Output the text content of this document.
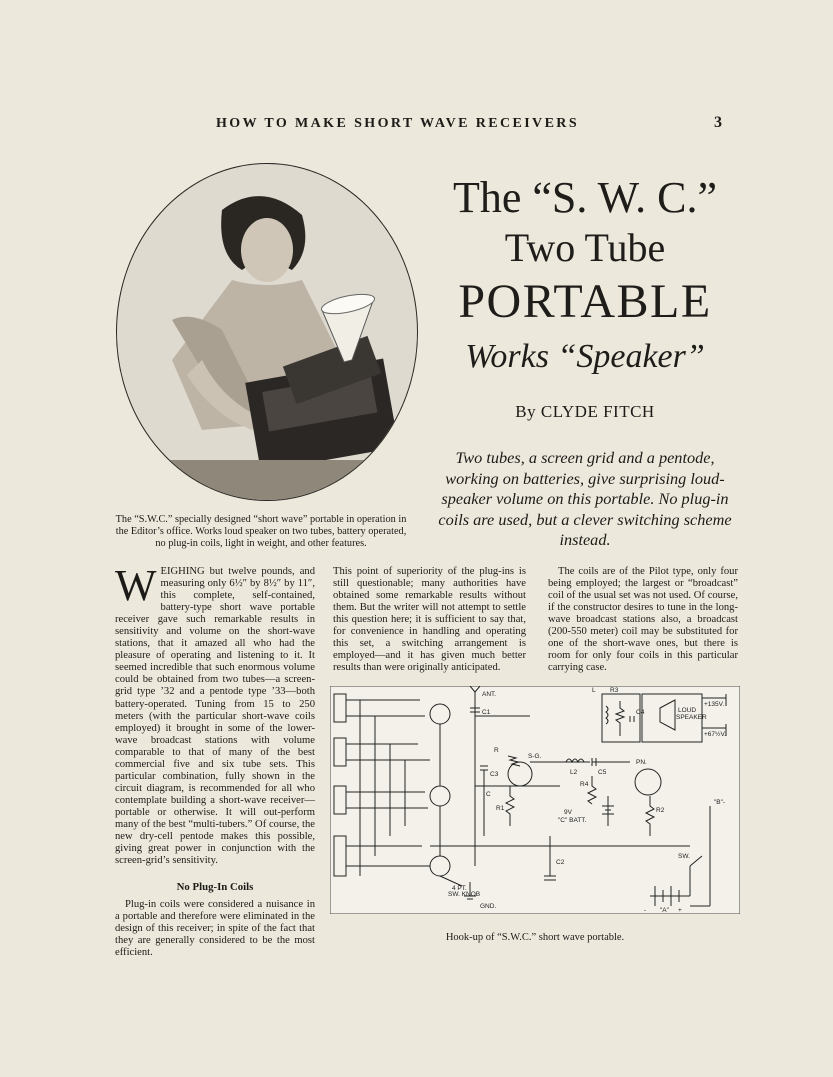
HOW TO MAKE SHORT WAVE RECEIVERS	3
The “S. W. C.”
Two Tube
PORTABLE
Works “Speaker”
By CLYDE FITCH
Two tubes, a screen grid and a pentode, working on batteries, give surprising loud-speaker volume on this portable. No plug-in coils are used, but a clever switching scheme instead.
The “S.W.C.” specially designed “short wave” portable in operation in the Editor’s office. Works loud speaker on two tubes, battery operated, no plug-in coils, light in weight, and other features.

WEIGHING but twelve pounds, and measuring only 6½″ by 8½″ by 11″, this complete, self-contained, battery-type short wave portable receiver gave such remarkable results in sensitivity and volume on the short-wave stations, that it amazed all who had the pleasure of operating and listening to it. It seemed incredible that such enormous volume could be obtained from two tubes—a screen-grid type ’32 and a pentode type ’33—both battery-operated. Tuning from 15 to 250 meters (with the particular short-wave coils employed) it brought in some of the lower-wave broadcast stations with volume comparable to that of many of the best commercial five and six tube sets. This particular combination, fully shown in the circuit diagram, is recommended for all who contemplate building a short-wave receiver—portable or otherwise. It will out-perform many of the best “multi-tubers.” Of course, the new dry-cell pentode makes this possible, giving great power in conjunction with the screen-grid’s sensitivity.

No Plug-In Coils

Plug-in coils were considered a nuisance in a portable and therefore were eliminated in the design of this receiver; in spite of the fact that they are generally considered to be the most efficient.

This point of superiority of the plug-ins is still questionable; many authorities have obtained some remarkable results without them. But the writer will not attempt to settle this question here; it is sufficient to say that, for convenience in handling and operating this set, a switching arrangement is employed—and it has given much better results than were originally anticipated.

The coils are of the Pilot type, only four being employed; the largest or “broadcast” coil of the usual set was not used. Of course, if the constructor desires to tune in the long-wave broadcast stations also, a broadcast (200-550 meter) coil may be substituted for one of the short-wave ones, but there is room for only four coils in this particular carrying case.

ANT.
C1
R
S-G.
C3
C
R1
L R3
C4	LOUD
SPEAKER
L2	C5
PN.
R4
R2
9V
"C" BATT.
+135V.
+67½V.
"B"-
SW.
C2
4 PT.
SW. KNOB
GND.
"A"
-	+
Hook-up of “S.W.C.” short wave portable.
